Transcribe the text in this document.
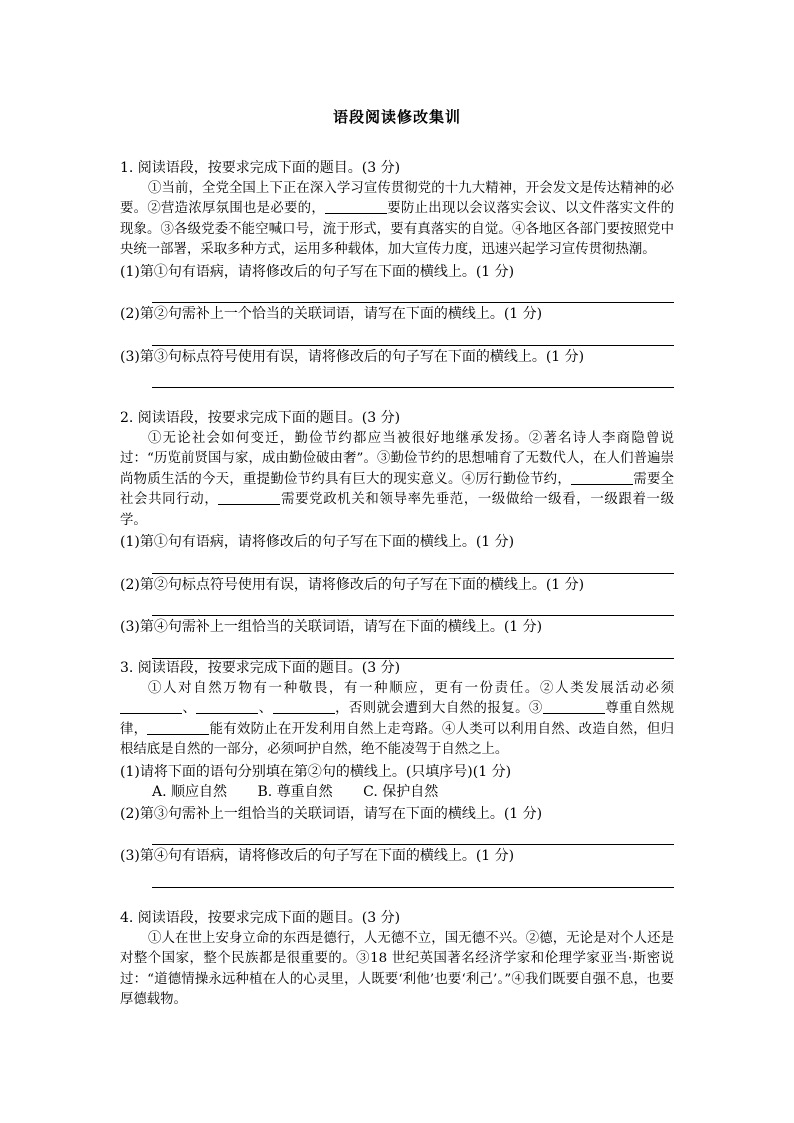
语段阅读修改集训
1. 阅读语段，按要求完成下面的题目。(3 分)
①当前，全党全国上下正在深入学习宣传贯彻党的十九大精神，开会发文是传达精神的必要。②营造浓厚氛围也是必要的，	要防止出现以会议落实会议、以文件落实文件的现象。③各级党委不能空喊口号，流于形式，要有真落实的自觉。④各地区各部门要按照党中央统一部署，采取多种方式，运用多种载体，加大宣传力度，迅速兴起学习宣传贯彻热潮。
(1)第①句有语病，请将修改后的句子写在下面的横线上。(1 分)
(2)第②句需补上一个恰当的关联词语，请写在下面的横线上。(1 分)
(3)第③句标点符号使用有误，请将修改后的句子写在下面的横线上。(1 分)
2. 阅读语段，按要求完成下面的题目。(3 分)
①无论社会如何变迁，勤俭节约都应当被很好地继承发扬。②著名诗人李商隐曾说过：“历览前贤国与家，成由勤俭破由奢”。③勤俭节约的思想哺育了无数代人，在人们普遍崇尚物质生活的今天，重提勤俭节约具有巨大的现实意义。④厉行勤俭节约，	需要全社会共同行动，	需要党政机关和领导率先垂范，一级做给一级看，一级跟着一级学。
(1)第①句有语病，请将修改后的句子写在下面的横线上。(1 分)
(2)第②句标点符号使用有误，请将修改后的句子写在下面的横线上。(1 分)
(3)第④句需补上一组恰当的关联词语，请写在下面的横线上。(1 分)
3. 阅读语段，按要求完成下面的题目。(3 分)
①人对自然万物有一种敬畏，有一种顺应，更有一份责任。②人类发展活动必须、	、	，否则就会遭到大自然的报复。③	尊重自然规律，	能有效防止在开发利用自然上走弯路。④人类可以利用自然、改造自然，但归根结底是自然的一部分，必须呵护自然，绝不能凌驾于自然之上。
(1)请将下面的语句分别填在第②句的横线上。(只填序号)(1 分)
A. 顺应自然 B. 尊重自然 C. 保护自然
(2)第③句需补上一组恰当的关联词语，请写在下面的横线上。(1 分)
(3)第④句有语病，请将修改后的句子写在下面的横线上。(1 分)
4. 阅读语段，按要求完成下面的题目。(3 分)
①人在世上安身立命的东西是德行，人无德不立，国无德不兴。②德，无论是对个人还是对整个国家，整个民族都是很重要的。③18 世纪英国著名经济学家和伦理学家亚当·斯密说过：“道德情操永远种植在人的心灵里，人既要‘利他’也要‘利己’。”④我们既要自强不息，也要厚德载物。
